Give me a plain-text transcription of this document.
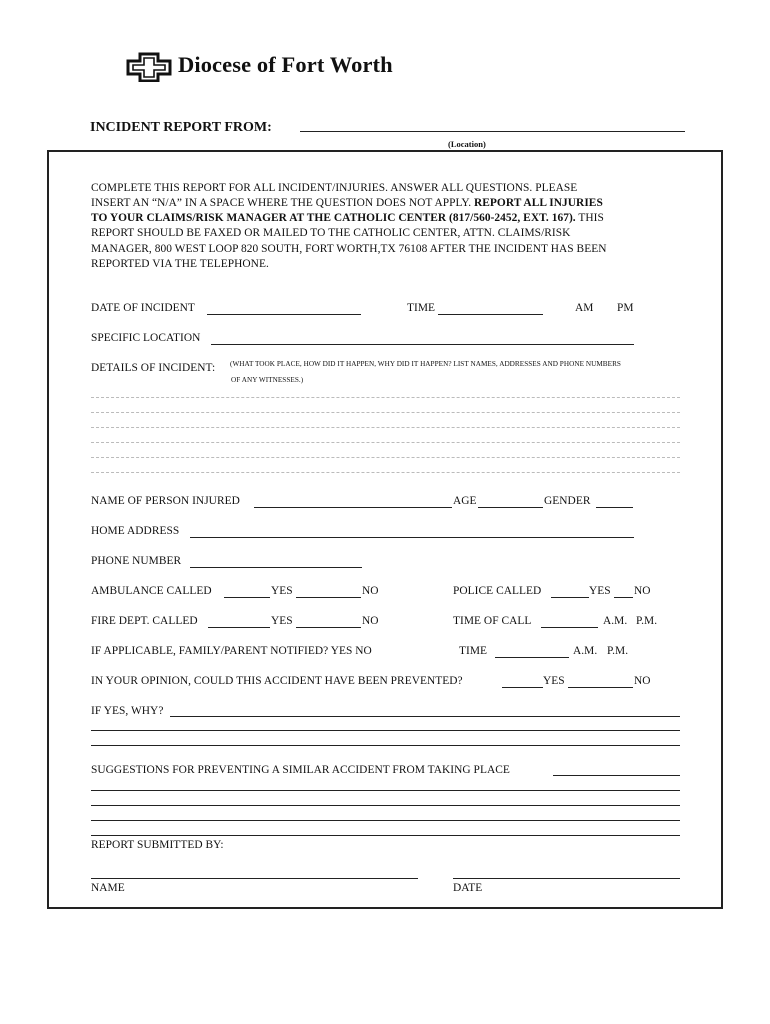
Diocese of Fort Worth
INCIDENT REPORT FROM:
(Location)
COMPLETE THIS REPORT FOR ALL INCIDENT/INJURIES. ANSWER ALL QUESTIONS. PLEASE
INSERT AN “N/A” IN A SPACE WHERE THE QUESTION DOES NOT APPLY. REPORT ALL INJURIES
TO YOUR CLAIMS/RISK MANAGER AT THE CATHOLIC CENTER (817/560-2452, EXT. 167). THIS
REPORT SHOULD BE FAXED OR MAILED TO THE CATHOLIC CENTER, ATTN. CLAIMS/RISK
MANAGER, 800 WEST LOOP 820 SOUTH, FORT WORTH,TX 76108 AFTER THE INCIDENT HAS BEEN
REPORTED VIA THE TELEPHONE.
DATE OF INCIDENT	TIME	AM PM
SPECIFIC LOCATION
DETAILS OF INCIDENT: (WHAT TOOK PLACE, HOW DID IT HAPPEN, WHY DID IT HAPPEN? LIST NAMES, ADDRESSES AND PHONE NUMBERS
OF ANY WITNESSES.)
NAME OF PERSON INJURED	AGE	GENDER
HOME ADDRESS
PHONE NUMBER
AMBULANCE CALLED	YES	NO	POLICE CALLED	YES NO
FIRE DEPT. CALLED	YES	NO	TIME OF CALL	A.M. P.M.
IF APPLICABLE, FAMILY/PARENT NOTIFIED? YES NO	TIME	A.M. P.M.
IN YOUR OPINION, COULD THIS ACCIDENT HAVE BEEN PREVENTED?	YES	NO
IF YES, WHY?
SUGGESTIONS FOR PREVENTING A SIMILAR ACCIDENT FROM TAKING PLACE
REPORT SUBMITTED BY:
NAME	DATE
